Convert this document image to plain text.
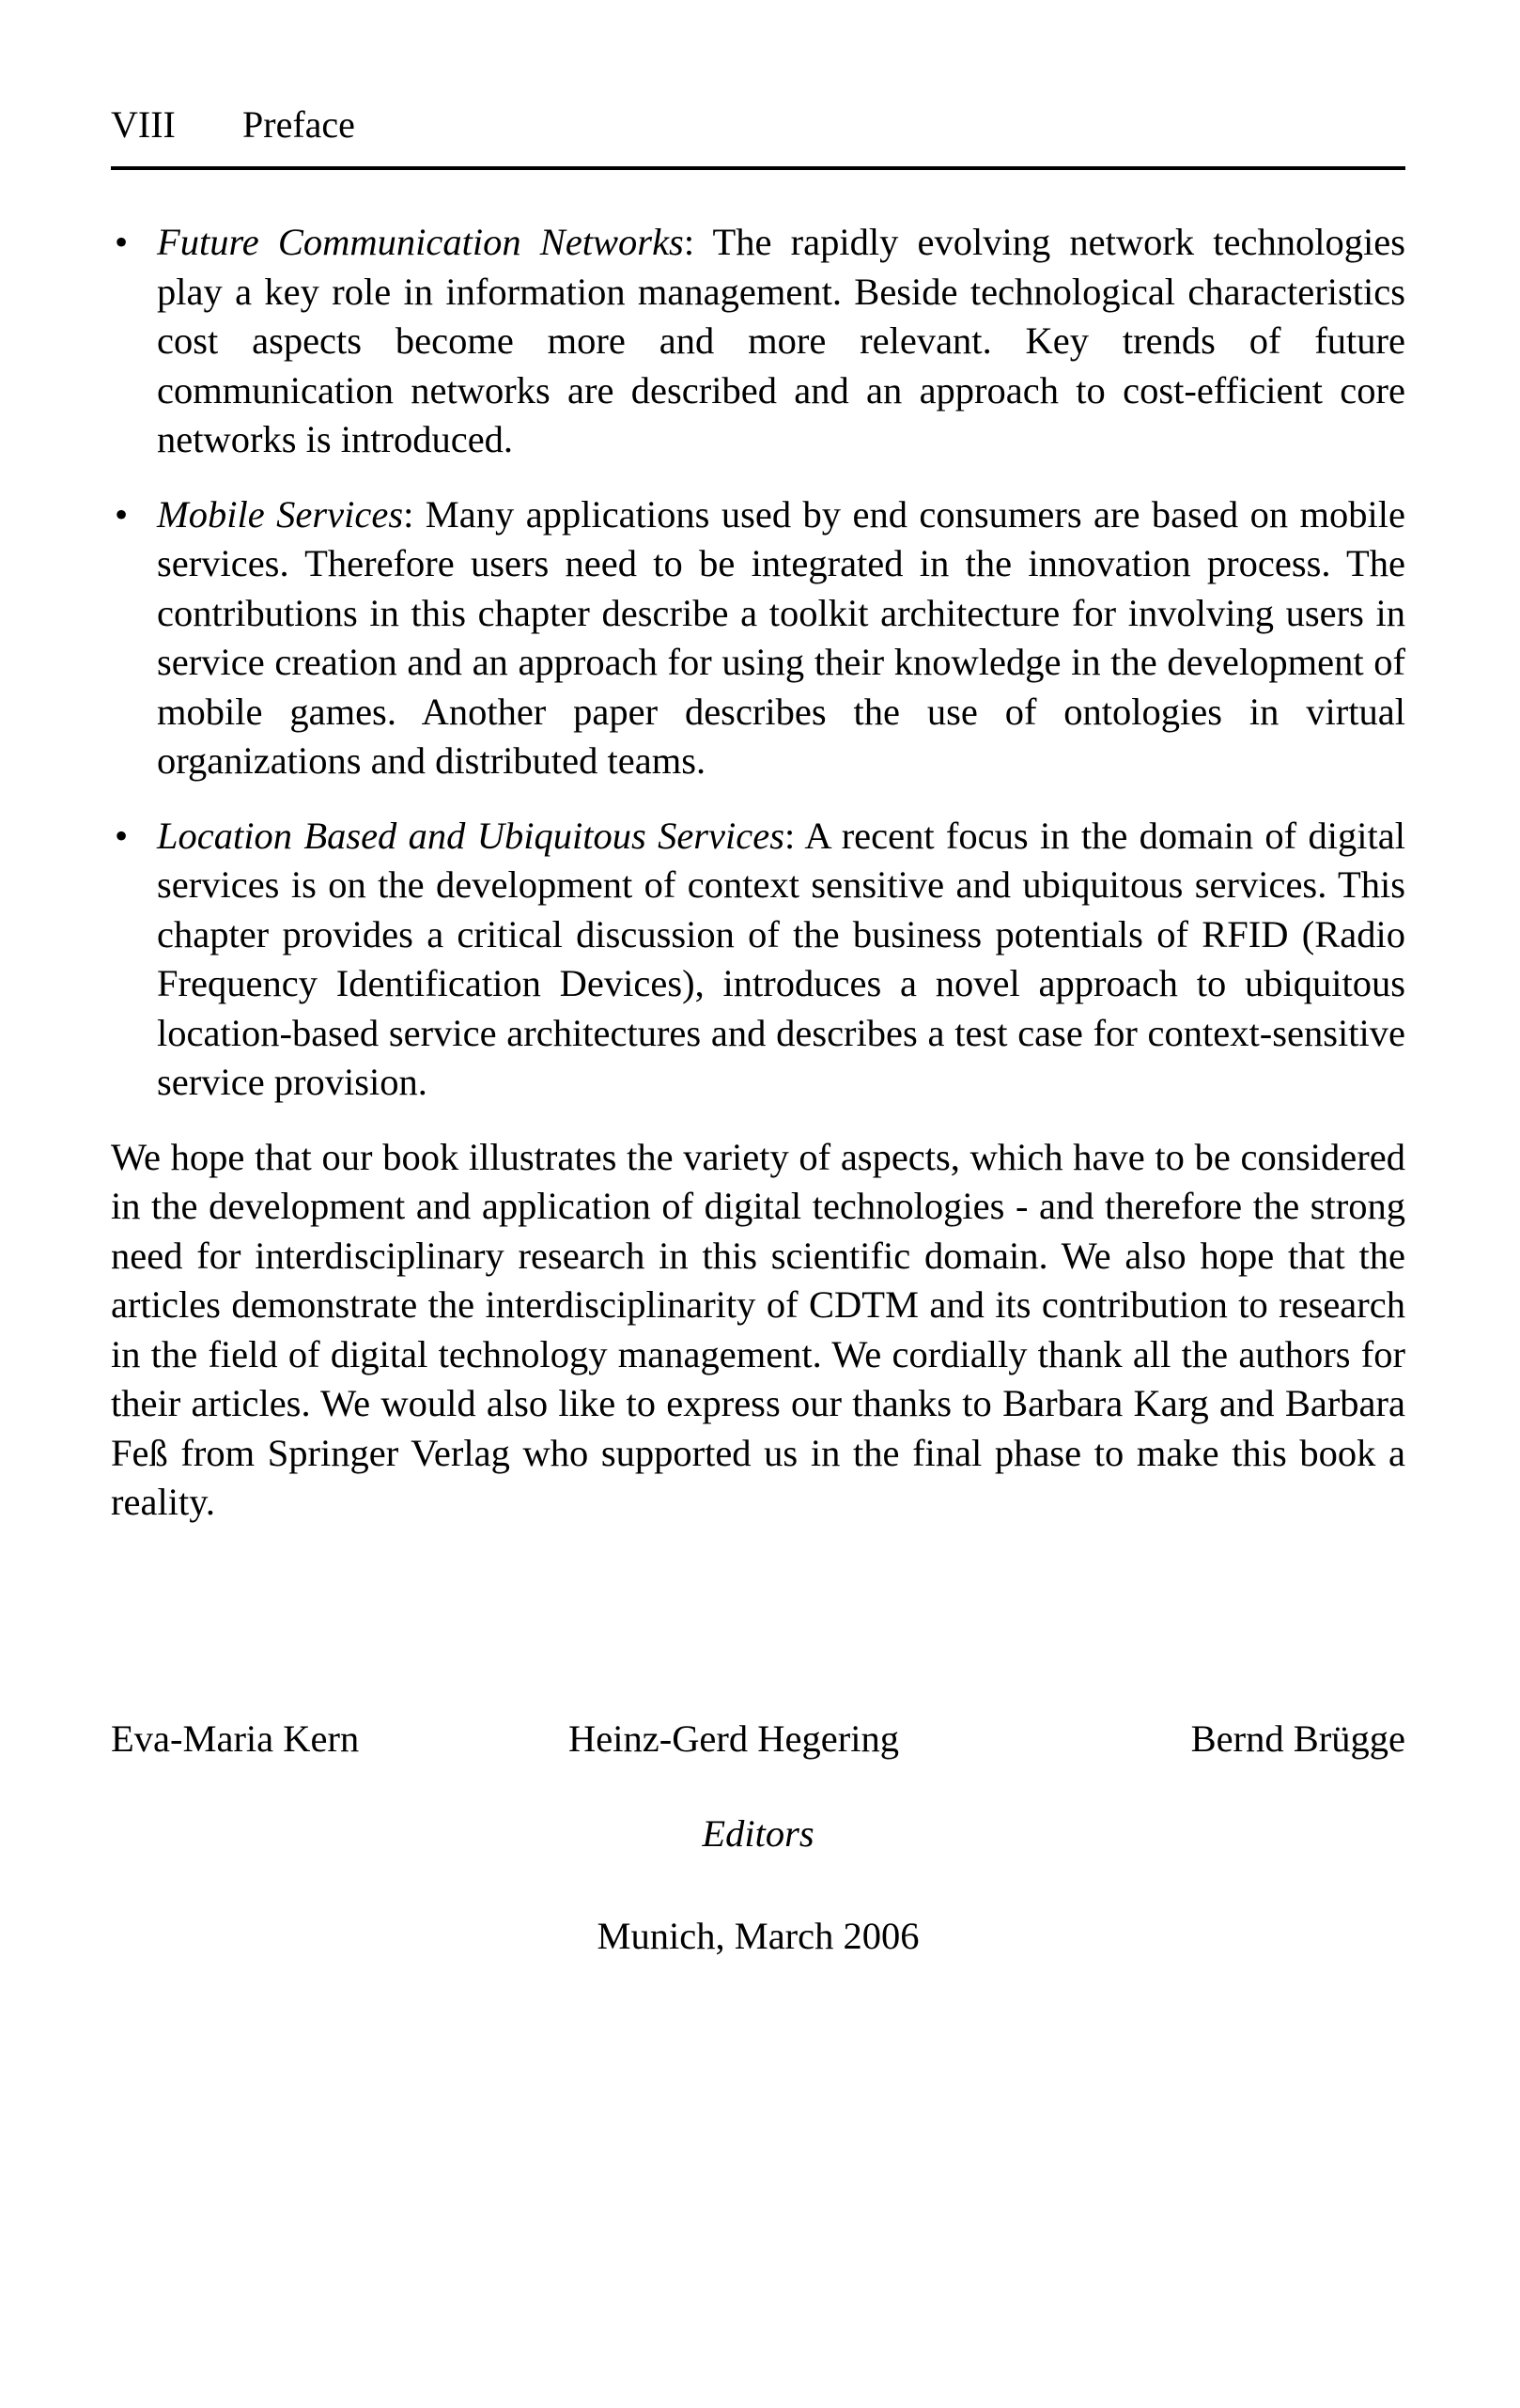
VIII Preface
• Future Communication Networks: The rapidly evolving network technologies play a key role in information management. Beside technological characteristics cost aspects become more and more relevant. Key trends of future communication networks are described and an approach to cost-efficient core networks is introduced.
• Mobile Services: Many applications used by end consumers are based on mobile services. Therefore users need to be integrated in the innovation process. The contributions in this chapter describe a toolkit architecture for involving users in service creation and an approach for using their knowledge in the development of mobile games. Another paper describes the use of ontologies in virtual organizations and distributed teams.
• Location Based and Ubiquitous Services: A recent focus in the domain of digital services is on the development of context sensitive and ubiquitous services. This chapter provides a critical discussion of the business potentials of RFID (Radio Frequency Identification Devices), introduces a novel approach to ubiquitous location-based service architectures and describes a test case for context-sensitive service provision.

We hope that our book illustrates the variety of aspects, which have to be considered in the development and application of digital technologies - and therefore the strong need for interdisciplinary research in this scientific domain. We also hope that the articles demonstrate the interdisciplinarity of CDTM and its contribution to research in the field of digital technology management. We cordially thank all the authors for their articles. We would also like to express our thanks to Barbara Karg and Barbara Feß from Springer Verlag who supported us in the final phase to make this book a reality.

Eva-Maria Kern	Heinz-Gerd Hegering	Bernd Brügge
Editors
Munich, March 2006
